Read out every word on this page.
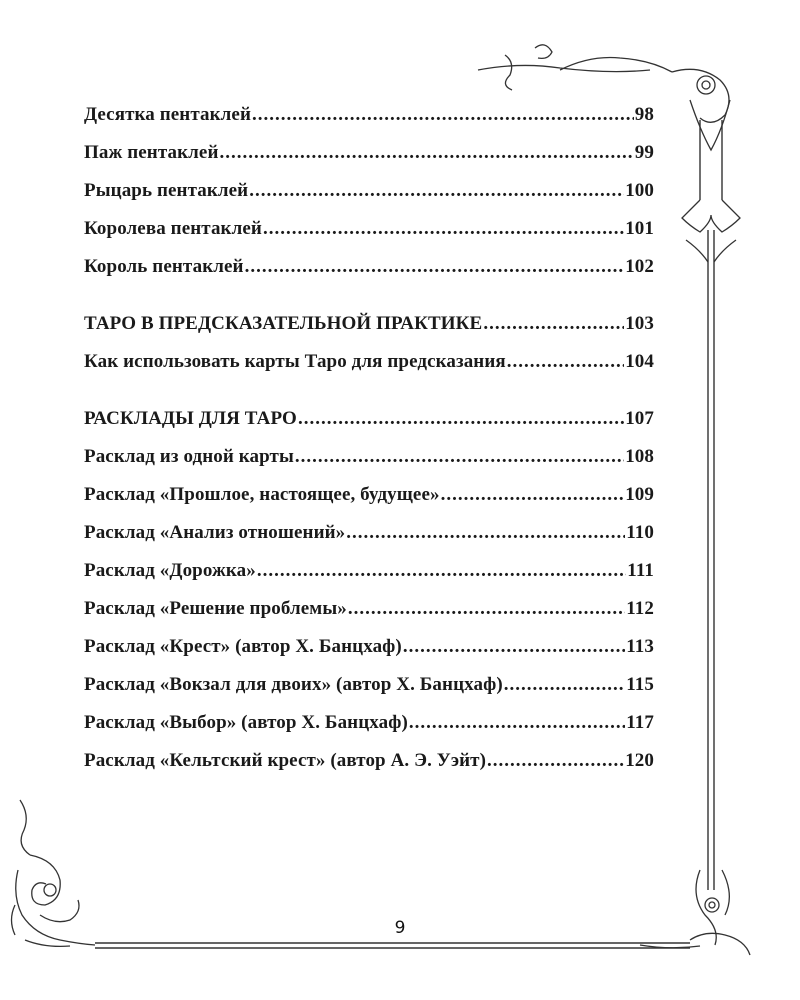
Десятка пентаклей .....	98
Паж пентаклей .....	99
Рыцарь пентаклей .....	100
Королева пентаклей .....	101
Король пентаклей .....	102
ТАРО В ПРЕДСКАЗАТЕЛЬНОЙ ПРАКТИКЕ .....	103
Как использовать карты Таро для предсказания .....	104
РАСКЛАДЫ ДЛЯ ТАРО .....	107
Расклад из одной карты .....	108
Расклад «Прошлое, настоящее, будущее» .....	109
Расклад «Анализ отношений» .....	110
Расклад «Дорожка» .....	111
Расклад «Решение проблемы» .....	112
Расклад «Крест» (автор Х. Банцхаф) .....	113
Расклад «Вокзал для двоих» (автор Х. Банцхаф) .....	115
Расклад «Выбор» (автор Х. Банцхаф) .....	117
Расклад «Кельтский крест» (автор А. Э. Уэйт) .....	120
9
